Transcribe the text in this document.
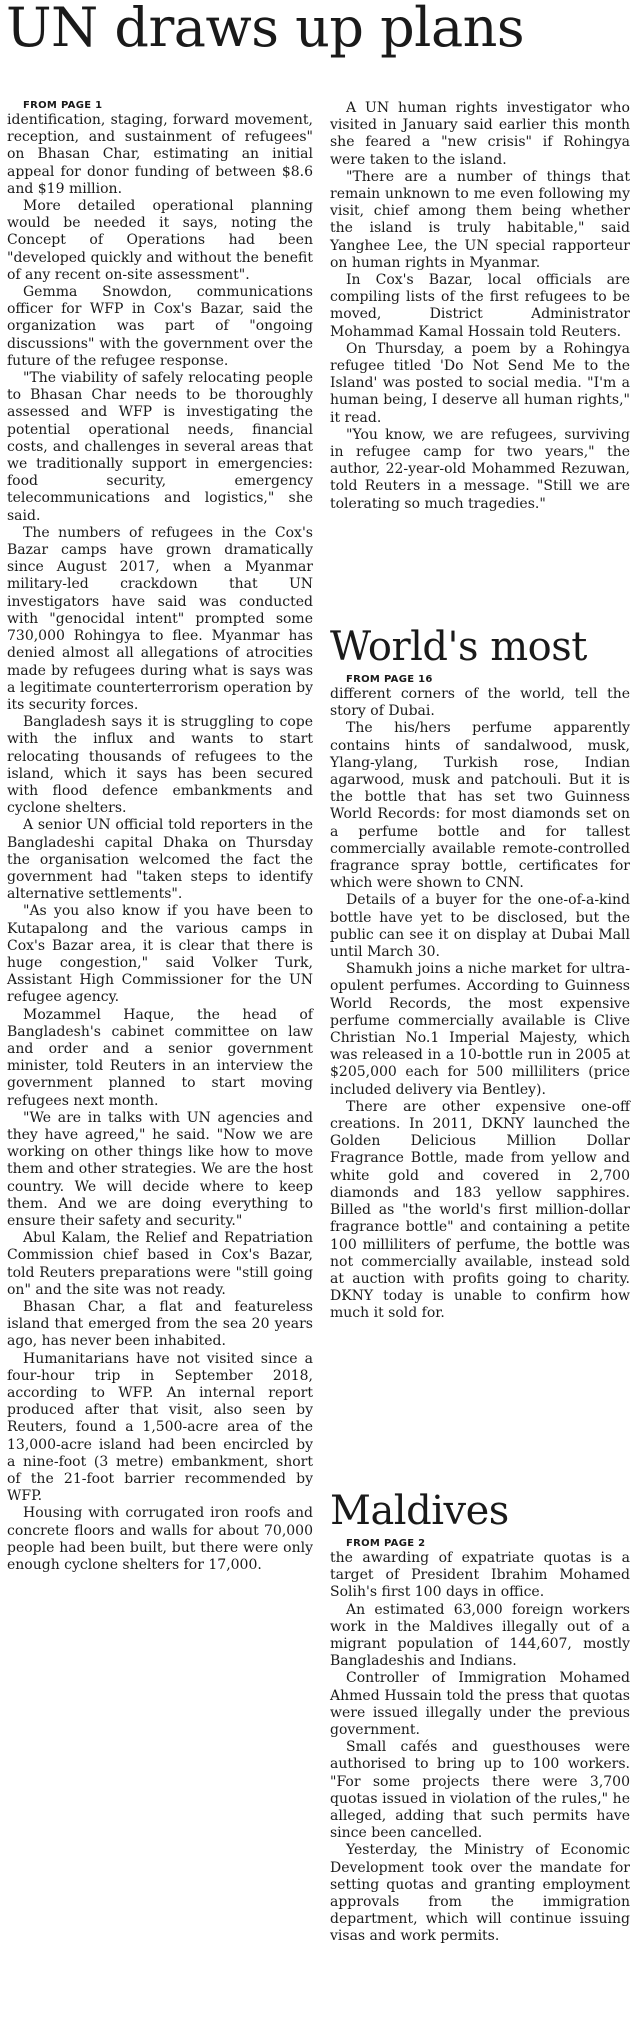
UN draws up plans

FROM PAGE 1

identification, staging, forward movement, reception, and sustainment of refugees" on Bhasan Char, estimating an initial appeal for donor funding of between $8.6 and $19 million.

More detailed operational planning would be needed it says, noting the Concept of Operations had been "developed quickly and without the benefit of any recent on-site assessment".

Gemma Snowdon, communications officer for WFP in Cox's Bazar, said the organization was part of "ongoing discussions" with the government over the future of the refugee response.

"The viability of safely relocating people to Bhasan Char needs to be thoroughly assessed and WFP is investigating the potential operational needs, financial costs, and challenges in several areas that we traditionally support in emergencies: food security, emergency telecommunications and logistics," she said.

The numbers of refugees in the Cox's Bazar camps have grown dramatically since August 2017, when a Myanmar military-led crackdown that UN investigators have said was conducted with "genocidal intent" prompted some 730,000 Rohingya to flee. Myanmar has denied almost all allegations of atrocities made by refugees during what is says was a legitimate counterterrorism operation by its security forces.

Bangladesh says it is struggling to cope with the influx and wants to start relocating thousands of refugees to the island, which it says has been secured with flood defence embankments and cyclone shelters.

A senior UN official told reporters in the Bangladeshi capital Dhaka on Thursday the organisation welcomed the fact the government had "taken steps to identify alternative settlements".

"As you also know if you have been to Kutapalong and the various camps in Cox's Bazar area, it is clear that there is huge congestion," said Volker Turk, Assistant High Commissioner for the UN refugee agency.

Mozammel Haque, the head of Bangladesh's cabinet committee on law and order and a senior government minister, told Reuters in an interview the government planned to start moving refugees next month.

"We are in talks with UN agencies and they have agreed," he said. "Now we are working on other things like how to move them and other strategies. We are the host country. We will decide where to keep them. And we are doing everything to ensure their safety and security."

Abul Kalam, the Relief and Repatriation Commission chief based in Cox's Bazar, told Reuters preparations were "still going on" and the site was not ready.

Bhasan Char, a flat and featureless island that emerged from the sea 20 years ago, has never been inhabited.

Humanitarians have not visited since a four-hour trip in September 2018, according to WFP. An internal report produced after that visit, also seen by Reuters, found a 1,500-acre area of the 13,000-acre island had been encircled by a nine-foot (3 metre) embankment, short of the 21-foot barrier recommended by WFP.

Housing with corrugated iron roofs and concrete floors and walls for about 70,000 people had been built, but there were only enough cyclone shelters for 17,000.

A UN human rights investigator who visited in January said earlier this month she feared a "new crisis" if Rohingya were taken to the island.

"There are a number of things that remain unknown to me even following my visit, chief among them being whether the island is truly habitable," said Yanghee Lee, the UN special rapporteur on human rights in Myanmar.

In Cox's Bazar, local officials are compiling lists of the first refugees to be moved, District Administrator Mohammad Kamal Hossain told Reuters.

On Thursday, a poem by a Rohingya refugee titled 'Do Not Send Me to the Island' was posted to social media. "I'm a human being, I deserve all human rights," it read.

"You know, we are refugees, surviving in refugee camp for two years," the author, 22-year-old Mohammed Rezuwan, told Reuters in a message. "Still we are tolerating so much tragedies."

World's most

FROM PAGE 16

different corners of the world, tell the story of Dubai.

The his/hers perfume apparently contains hints of sandalwood, musk, Ylang-ylang, Turkish rose, Indian agarwood, musk and patchouli. But it is the bottle that has set two Guinness World Records: for most diamonds set on a perfume bottle and for tallest commercially available remote-controlled fragrance spray bottle, certificates for which were shown to CNN.

Details of a buyer for the one-of-a-kind bottle have yet to be disclosed, but the public can see it on display at Dubai Mall until March 30.

Shamukh joins a niche market for ultra-opulent perfumes. According to Guinness World Records, the most expensive perfume commercially available is Clive Christian No.1 Imperial Majesty, which was released in a 10-bottle run in 2005 at $205,000 each for 500 milliliters (price included delivery via Bentley).

There are other expensive one-off creations. In 2011, DKNY launched the Golden Delicious Million Dollar Fragrance Bottle, made from yellow and white gold and covered in 2,700 diamonds and 183 yellow sapphires. Billed as "the world's first million-dollar fragrance bottle" and containing a petite 100 milliliters of perfume, the bottle was not commercially available, instead sold at auction with profits going to charity. DKNY today is unable to confirm how much it sold for.

Maldives

FROM PAGE 2

the awarding of expatriate quotas is a target of President Ibrahim Mohamed Solih's first 100 days in office.

An estimated 63,000 foreign workers work in the Maldives illegally out of a migrant population of 144,607, mostly Bangladeshis and Indians.

Controller of Immigration Mohamed Ahmed Hussain told the press that quotas were issued illegally under the previous government.

Small cafés and guesthouses were authorised to bring up to 100 workers. "For some projects there were 3,700 quotas issued in violation of the rules," he alleged, adding that such permits have since been cancelled.

Yesterday, the Ministry of Economic Development took over the mandate for setting quotas and granting employment approvals from the immigration department, which will continue issuing visas and work permits.
